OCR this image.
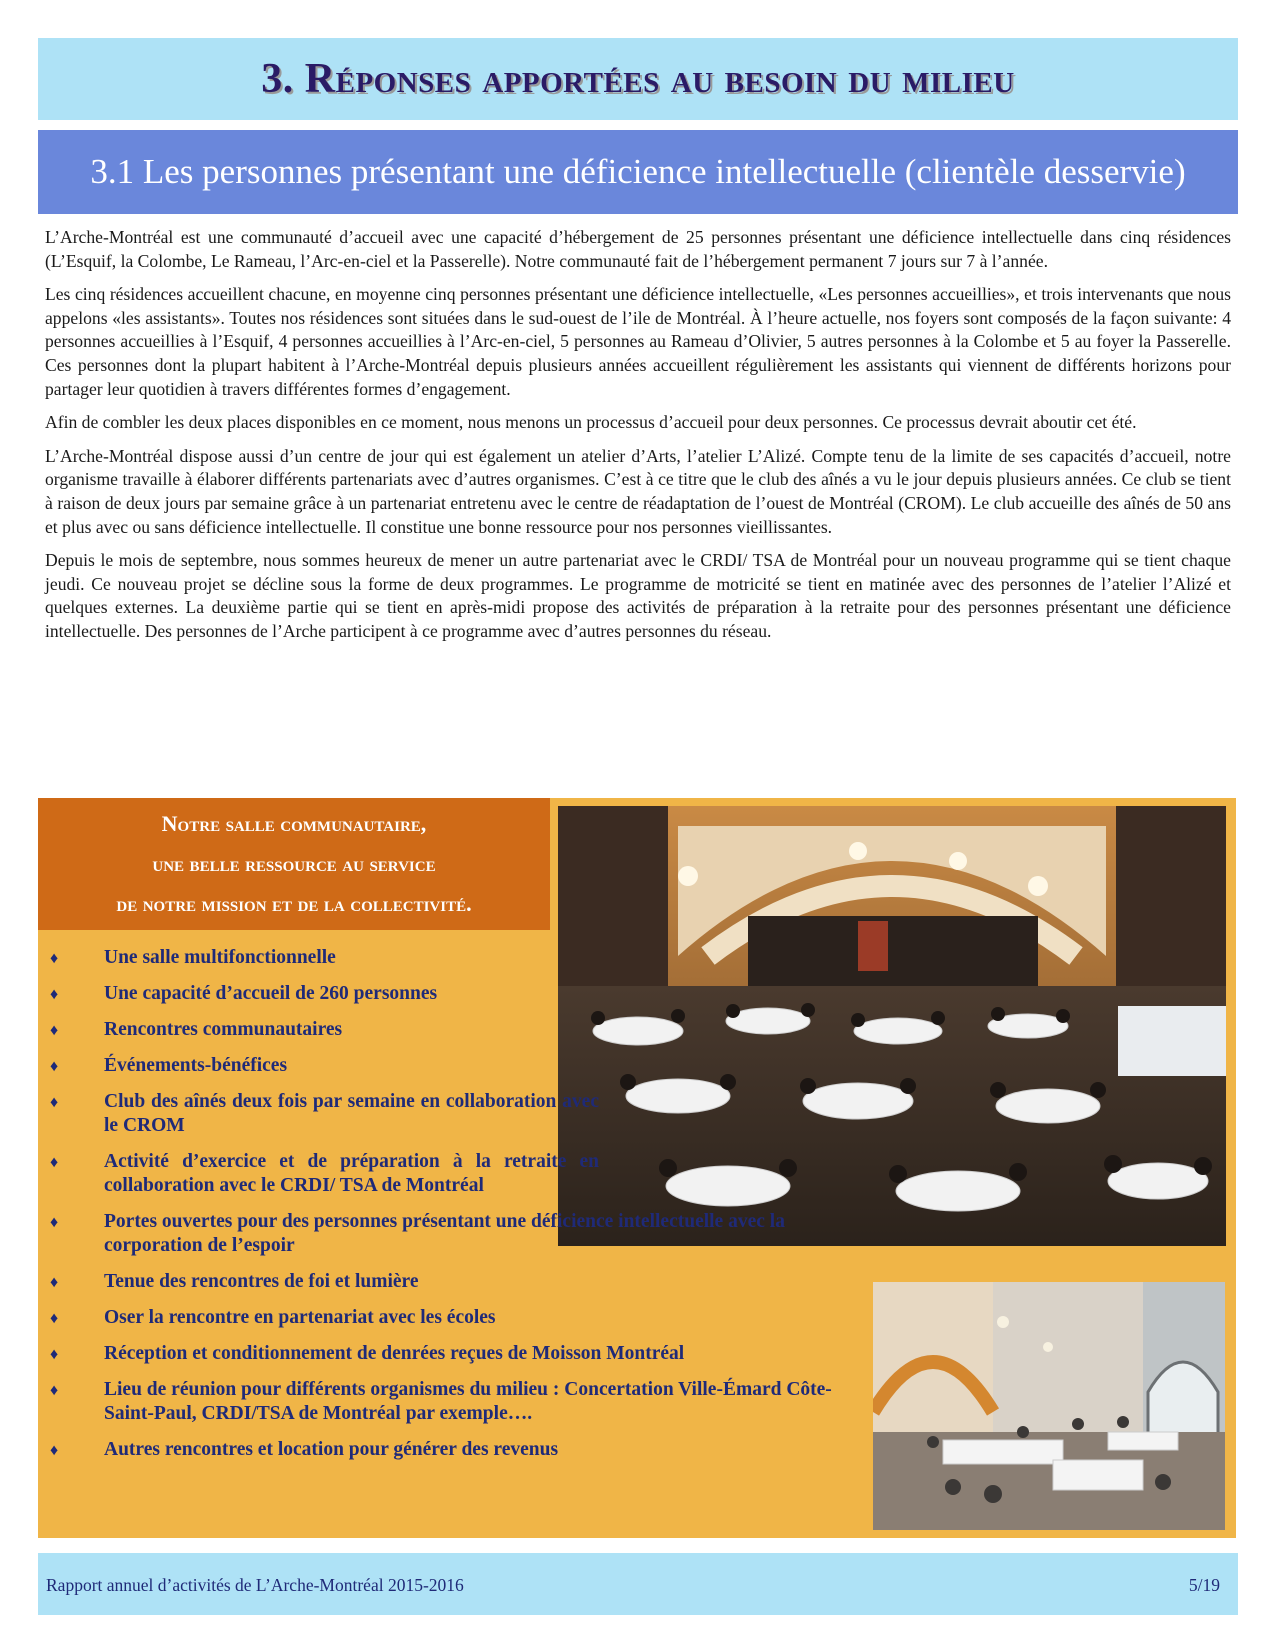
3. Réponses apportées au besoin du milieu
3.1 Les personnes présentant une déficience intellectuelle (clientèle desservie)

L’Arche-Montréal est une communauté d’accueil avec une capacité d’hébergement de 25 personnes présentant une déficience intellectuelle dans cinq résidences (L’Esquif, la Colombe, Le Rameau, l’Arc-en-ciel et la Passerelle). Notre communauté fait de l’hébergement permanent 7 jours sur 7 à l’année.

Les cinq résidences accueillent chacune, en moyenne cinq personnes présentant une déficience intellectuelle, «Les personnes accueillies», et trois intervenants que nous appelons «les assistants». Toutes nos résidences sont situées dans le sud-ouest de l’ile de Montréal. À l’heure actuelle, nos foyers sont composés de la façon suivante: 4 personnes accueillies à l’Esquif, 4 personnes accueillies à l’Arc-en-ciel, 5 personnes au Rameau d’Olivier, 5 autres personnes à la Colombe et 5 au foyer la Passerelle. Ces personnes dont la plupart habitent à l’Arche-Montréal depuis plusieurs années accueillent régulièrement les assistants qui viennent de différents horizons pour partager leur quotidien à travers différentes formes d’engagement.

Afin de combler les deux places disponibles en ce moment, nous menons un processus d’accueil pour deux personnes. Ce processus devrait aboutir cet été.

L’Arche-Montréal dispose aussi d’un centre de jour qui est également un atelier d’Arts, l’atelier L’Alizé. Compte tenu de la limite de ses capacités d’accueil, notre organisme travaille à élaborer différents partenariats avec d’autres organismes. C’est à ce titre que le club des aînés a vu le jour depuis plusieurs années. Ce club se tient à raison de deux jours par semaine grâce à un partenariat entretenu avec le centre de réadaptation de l’ouest de Montréal (CROM). Le club accueille des aînés de 50 ans et plus avec ou sans déficience intellectuelle. Il constitue une bonne ressource pour nos personnes vieillissantes.

Depuis le mois de septembre, nous sommes heureux de mener un autre partenariat avec le CRDI/ TSA de Montréal pour un nouveau programme qui se tient chaque jeudi. Ce nouveau projet se décline sous la forme de deux programmes. Le programme de motricité se tient en matinée avec des personnes de l’atelier l’Alizé et quelques externes. La deuxième partie qui se tient en après-midi propose des activités de préparation à la retraite pour des personnes présentant une déficience intellectuelle. Des personnes de l’Arche participent à ce programme avec d’autres personnes du réseau.

Notre salle communautaire,
une belle ressource au service
de notre mission et de la collectivité.
♦ Une salle multifonctionnelle
♦ Une capacité d’accueil de 260 personnes
♦ Rencontres communautaires
♦ Événements-bénéfices
♦ Club des aînés deux fois par semaine en collaboration avec le CROM
♦ Activité d’exercice et de préparation à la retraite en collaboration avec le CRDI/ TSA de Montréal
♦ Portes ouvertes pour des personnes présentant une déficience intellectuelle avec la corporation de l’espoir
♦ Tenue des rencontres de foi et lumière
♦ Oser la rencontre en partenariat avec les écoles
♦ Réception et conditionnement de denrées reçues de Moisson Montréal
♦ Lieu de réunion pour différents organismes du milieu : Concertation Ville-Émard Côte-Saint-Paul, CRDI/TSA de Montréal par exemple….
♦ Autres rencontres et location pour générer des revenus
Rapport annuel d’activités de L’Arche-Montréal 2015-2016	5/19
